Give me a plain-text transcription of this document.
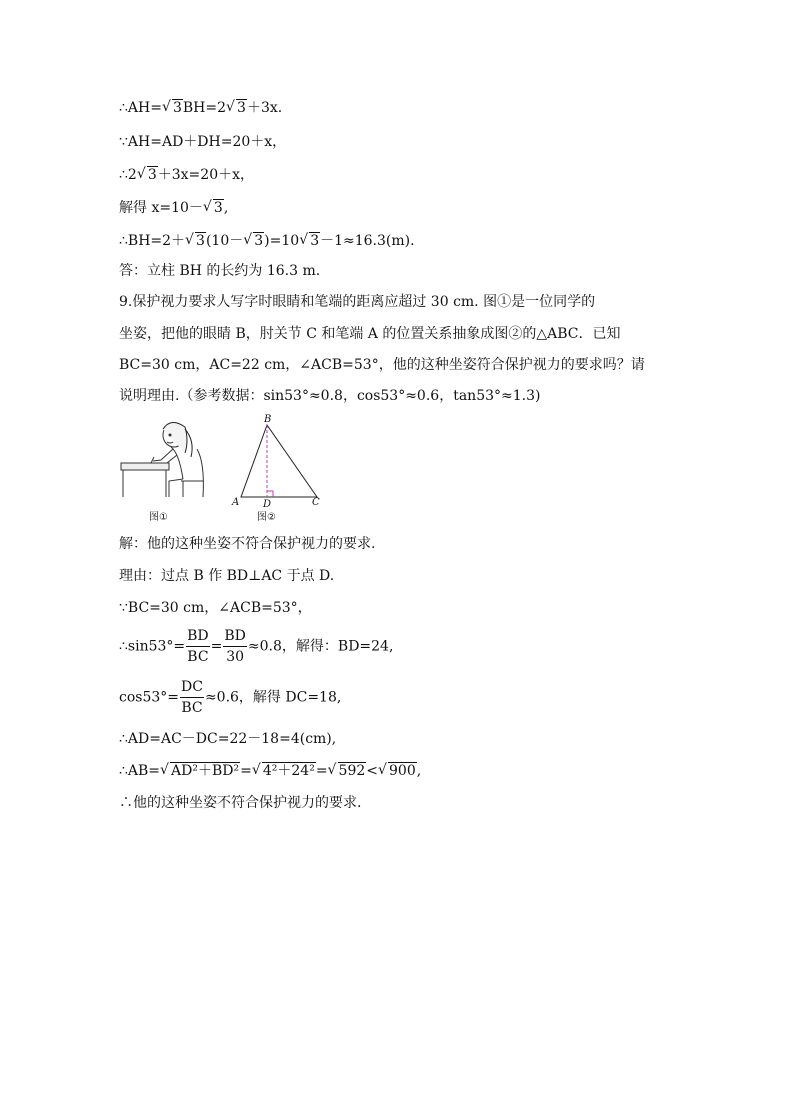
∴AH= √ 3BH=2 √ 3＋3x.
∵AH=AD＋DH=20＋x，
∴2 √ 3＋3x=20＋x，
解得 x=10－ √ 3,
∴BH=2＋ √ 3(10－ √ 3)=10 √ 3－1≈16.3(m).
答：立柱 BH 的长约为 16.3 m.
9.保护视力要求人写字时眼睛和笔端的距离应超过 30 cm. 图①是一位同学的
坐姿，把他的眼睛 B，肘关节 C 和笔端 A 的位置关系抽象成图②的△ABC．已知
BC=30 cm，AC=22 cm，∠ACB=53°，他的这种坐姿符合保护视力的要求吗？请
说明理由.（参考数据：sin53°≈0.8，cos53°≈0.6，tan53°≈1.3)
图①
B
A	C
D
图②
解：他的这种坐姿不符合保护视力的要求.
理由：过点 B 作 BD⊥AC 于点 D.
∵BC=30 cm，∠ACB=53°，
∴sin53°= $\frac{BD}{BC} = \frac{BD}{30} \approx 0.8$，解得：BD=24,
$\cos 53^\circ= \frac{DC}{BC} \approx 0.6$，解得 DC=18,
∴AD=AC－DC=22－18=4(cm),
∴AB= √ AD²＋BD²= √ 4²＋24²= √ 592< √ 900,
∴他的这种坐姿不符合保护视力的要求.
